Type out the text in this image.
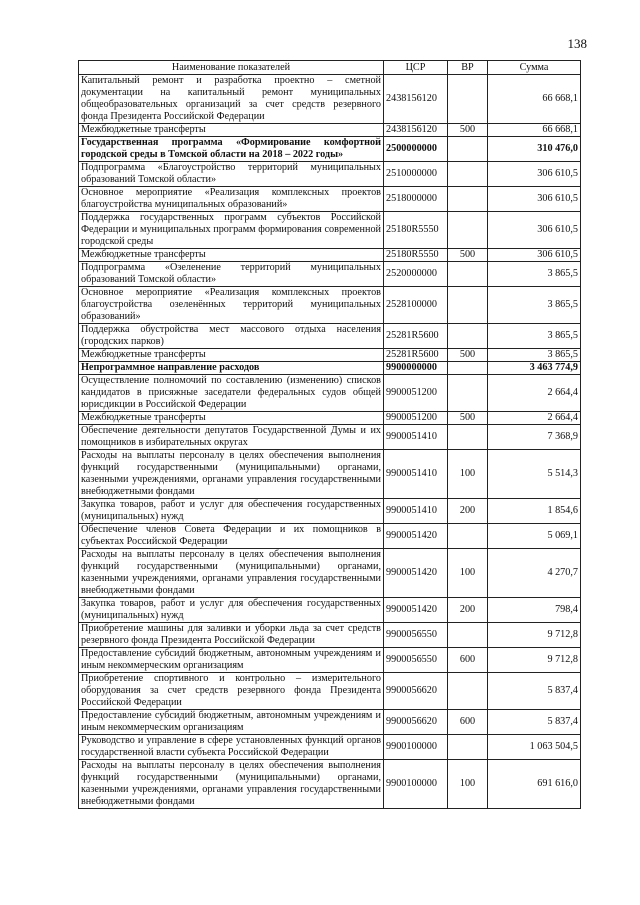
138
Наименование показателей	ЦСР	ВР	Сумма
Капитальный ремонт и разработка проектно – сметной документации на капитальный ремонт муниципальных общеобразовательных организаций за счет средств резервного фонда Президента Российской Федерации	2438156120		66 668,1
Межбюджетные трансферты	2438156120	500	66 668,1
Государственная программа «Формирование комфортной городской среды в Томской области на 2018 – 2022 годы»	2500000000		310 476,0
Подпрограмма «Благоустройство территорий муниципальных образований Томской области»	2510000000		306 610,5
Основное мероприятие «Реализация комплексных проектов благоустройства муниципальных образований»	2518000000		306 610,5
Поддержка государственных программ субъектов Российской Федерации и муниципальных программ формирования современной городской среды	25180R5550		306 610,5
Межбюджетные трансферты	25180R5550	500	306 610,5
Подпрограмма «Озеленение территорий муниципальных образований Томской области»	2520000000		3 865,5
Основное мероприятие «Реализация комплексных проектов благоустройства озеленённых территорий муниципальных образований»	2528100000		3 865,5
Поддержка обустройства мест массового отдыха населения (городских парков)	25281R5600		3 865,5
Межбюджетные трансферты	25281R5600	500	3 865,5
Непрограммное направление расходов	9900000000		3 463 774,9
Осуществление полномочий по составлению (изменению) списков кандидатов в присяжные заседатели федеральных судов общей юрисдикции в Российской Федерации	9900051200		2 664,4
Межбюджетные трансферты	9900051200	500	2 664,4
Обеспечение деятельности депутатов Государственной Думы и их помощников в избирательных округах	9900051410		7 368,9
Расходы на выплаты персоналу в целях обеспечения выполнения функций государственными (муниципальными) органами, казенными учреждениями, органами управления государственными внебюджетными фондами	9900051410	100	5 514,3
Закупка товаров, работ и услуг для обеспечения государственных (муниципальных) нужд	9900051410	200	1 854,6
Обеспечение членов Совета Федерации и их помощников в субъектах Российской Федерации	9900051420		5 069,1
Расходы на выплаты персоналу в целях обеспечения выполнения функций государственными (муниципальными) органами, казенными учреждениями, органами управления государственными внебюджетными фондами	9900051420	100	4 270,7
Закупка товаров, работ и услуг для обеспечения государственных (муниципальных) нужд	9900051420	200	798,4
Приобретение машины для заливки и уборки льда за счет средств резервного фонда Президента Российской Федерации	9900056550		9 712,8
Предоставление субсидий бюджетным, автономным учреждениям и иным некоммерческим организациям	9900056550	600	9 712,8
Приобретение спортивного и контрольно – измерительного оборудования за счет средств резервного фонда Президента Российской Федерации	9900056620		5 837,4
Предоставление субсидий бюджетным, автономным учреждениям и иным некоммерческим организациям	9900056620	600	5 837,4
Руководство и управление в сфере установленных функций органов государственной власти субъекта Российской Федерации	9900100000		1 063 504,5
Расходы на выплаты персоналу в целях обеспечения выполнения функций государственными (муниципальными) органами, казенными учреждениями, органами управления государственными внебюджетными фондами	9900100000	100	691 616,0
